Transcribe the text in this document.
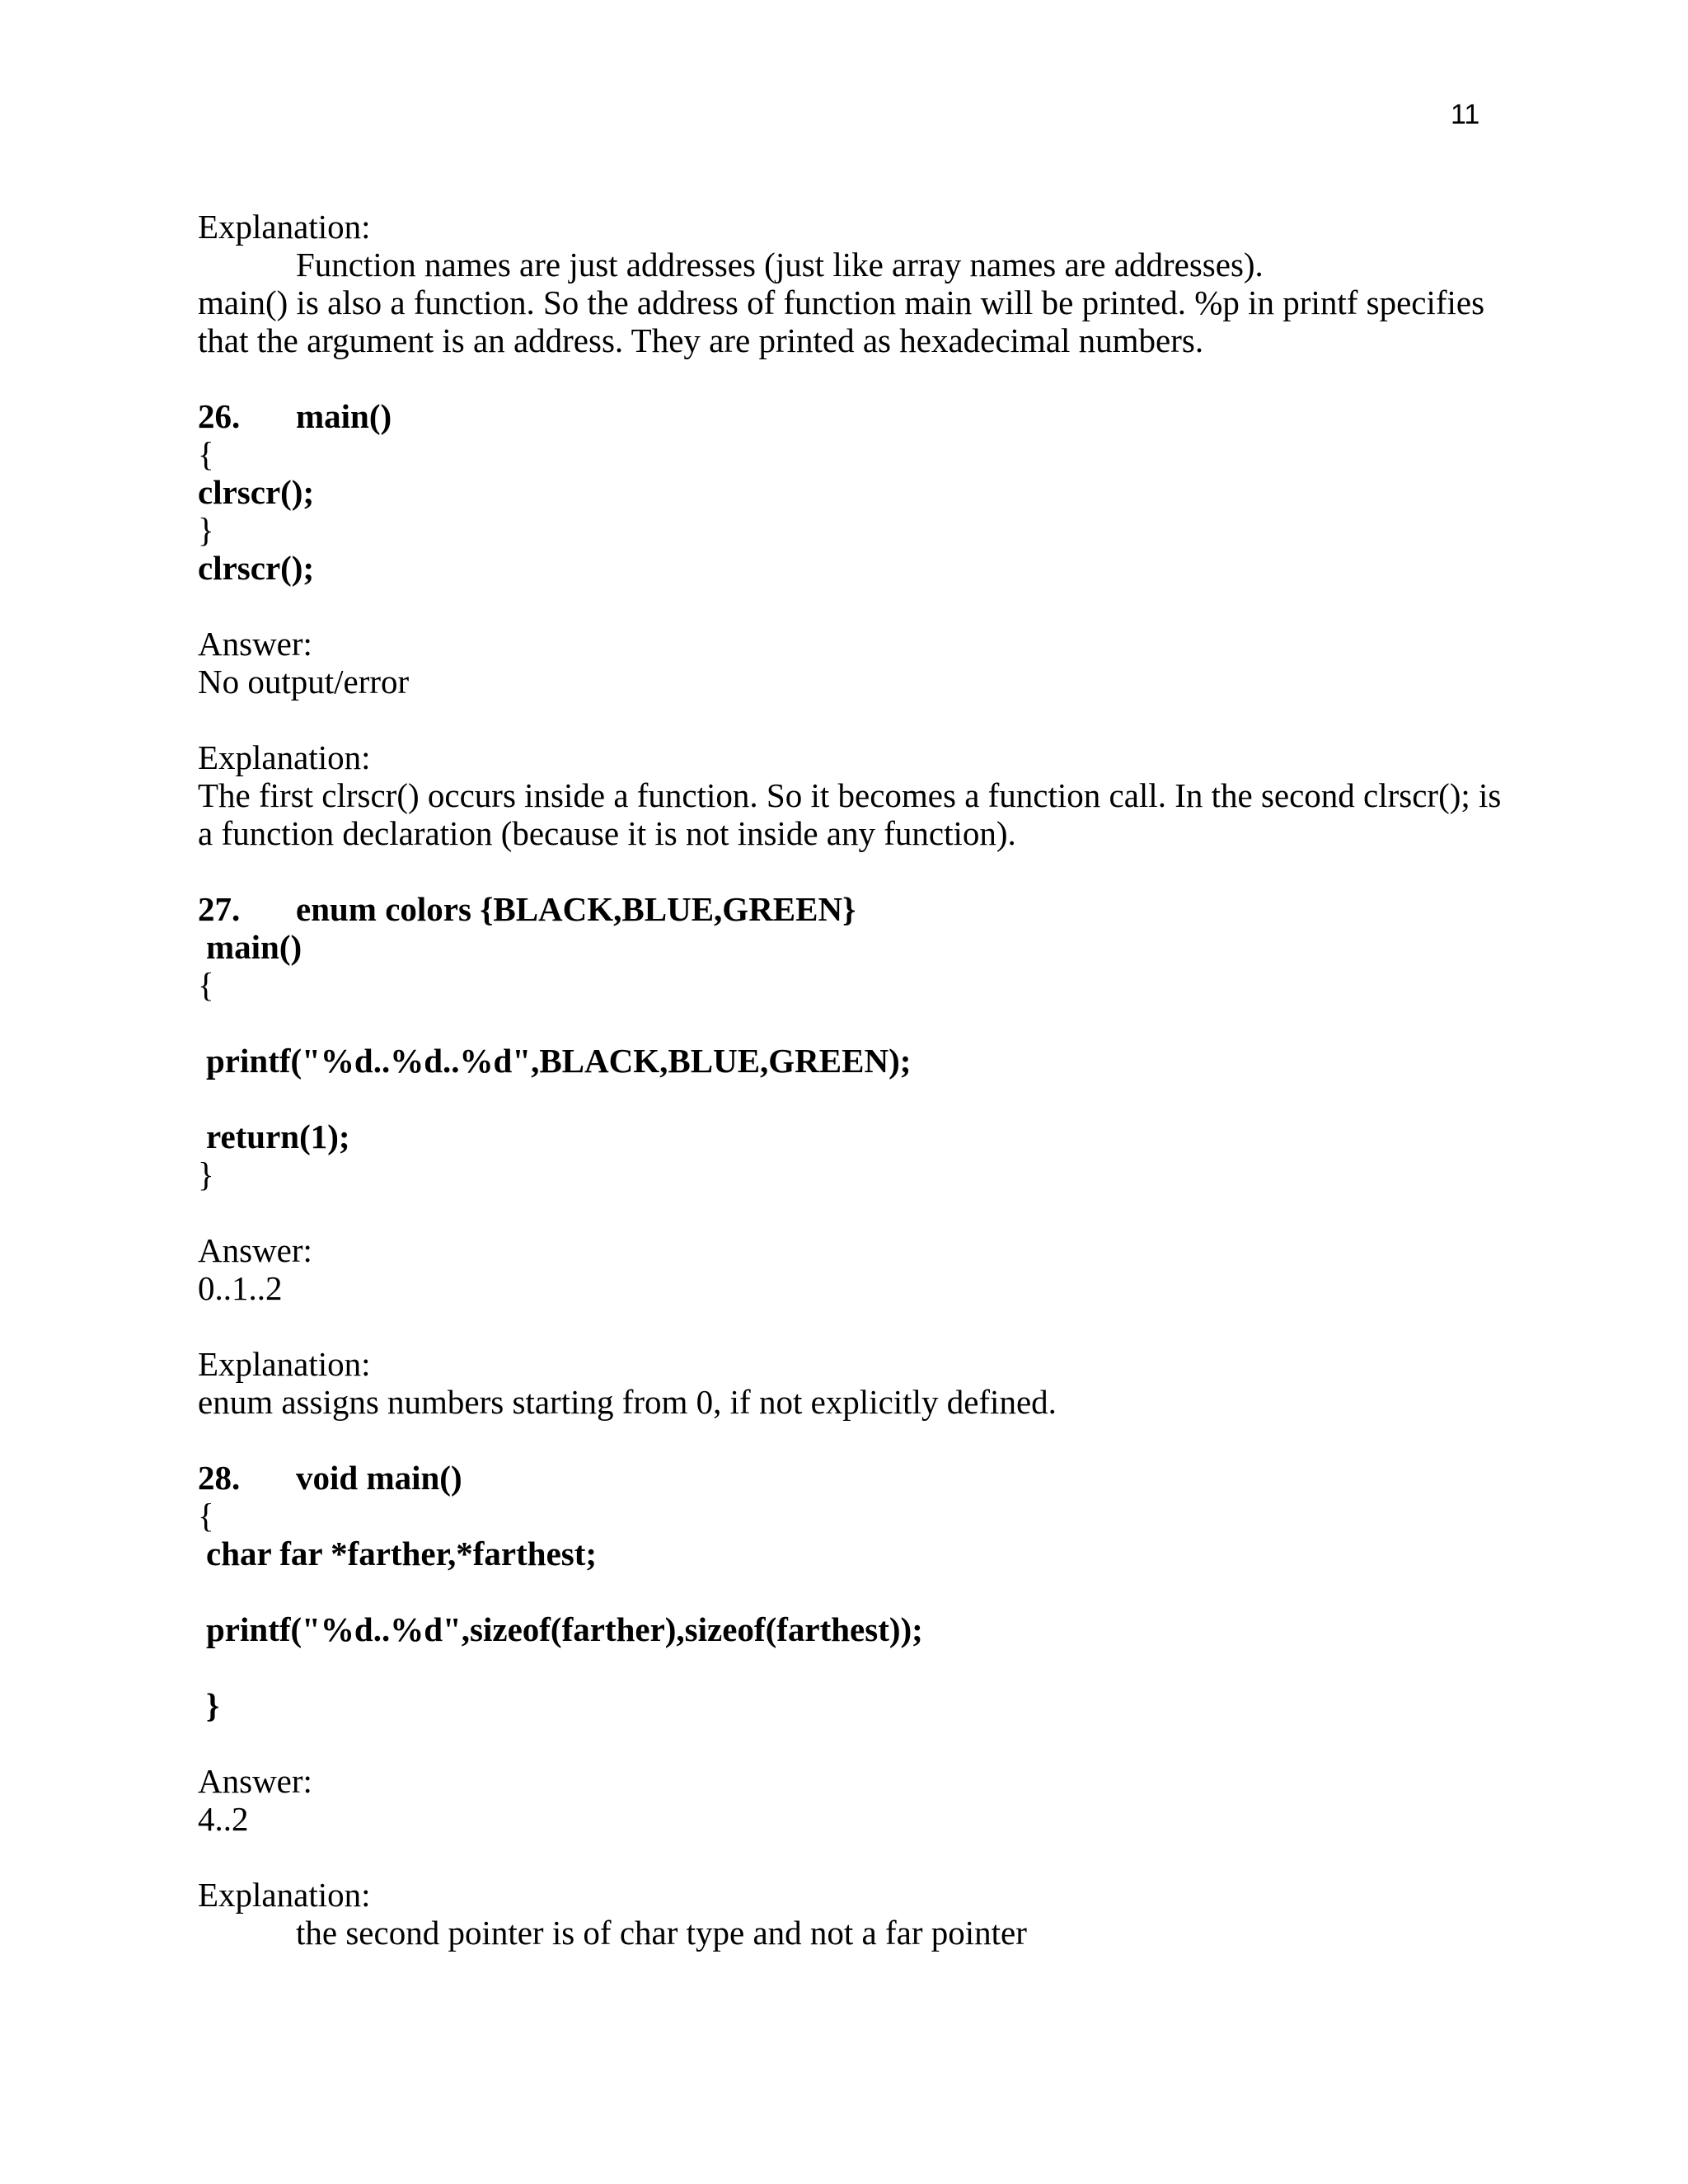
11
Explanation:
Function names are just addresses (just like array names are addresses).
main() is also a function. So the address of function main will be printed. %p in printf specifies
that the argument is an address. They are printed as hexadecimal numbers.
26. main()
{
clrscr();
}
clrscr();
Answer:
No output/error
Explanation:
The first clrscr() occurs inside a function. So it becomes a function call. In the second clrscr(); is
a function declaration (because it is not inside any function).
27. enum colors {BLACK,BLUE,GREEN}
main()
{
printf("%d..%d..%d",BLACK,BLUE,GREEN);
return(1);
}
Answer:
0..1..2
Explanation:
enum assigns numbers starting from 0, if not explicitly defined.
28. void main()
{
char far *farther,*farthest;
printf("%d..%d",sizeof(farther),sizeof(farthest));
}
Answer:
4..2
Explanation:
the second pointer is of char type and not a far pointer
